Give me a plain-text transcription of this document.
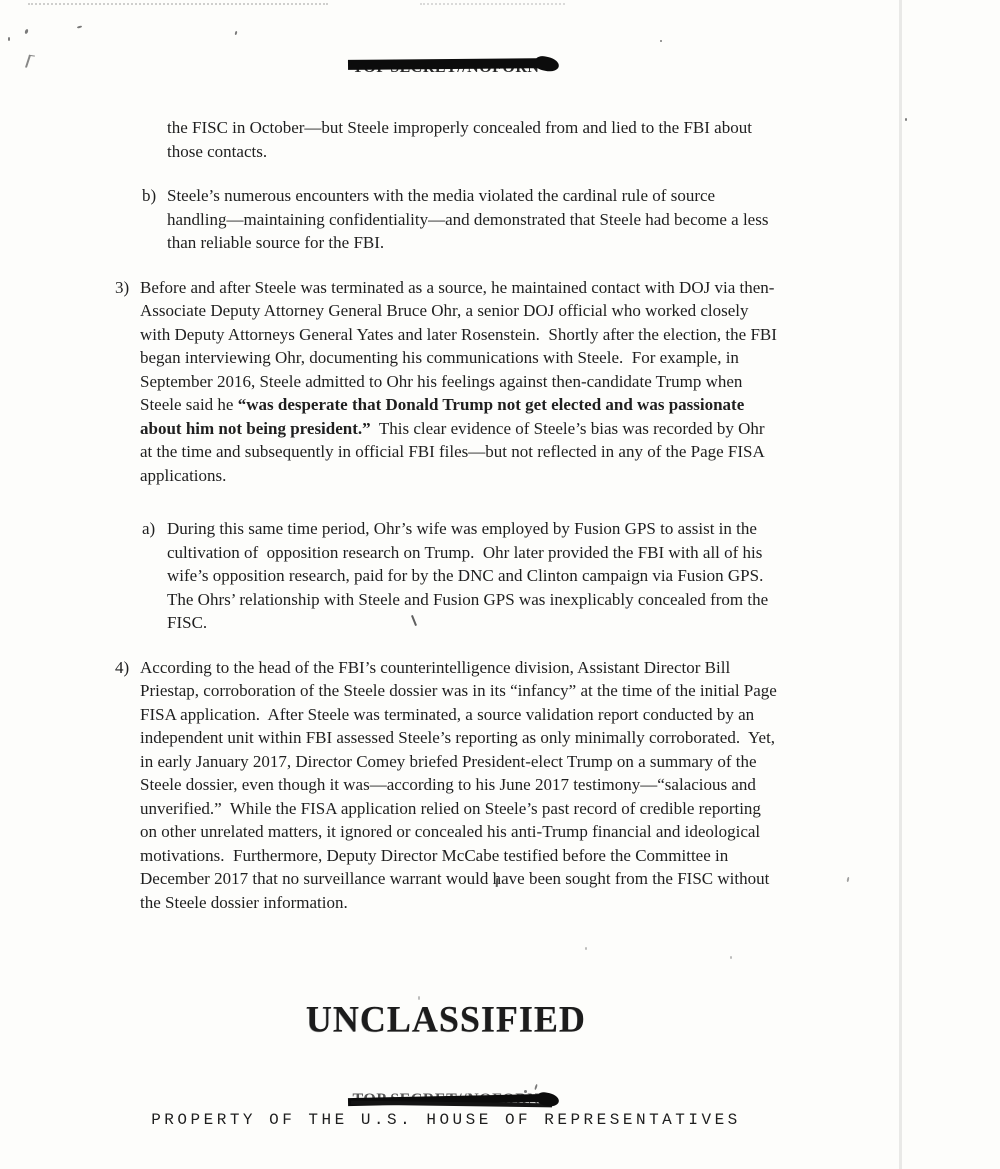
the FISC in October—but Steele improperly concealed from and lied to the FBI about those contacts.
b) Steele’s numerous encounters with the media violated the cardinal rule of source handling—maintaining confidentiality—and demonstrated that Steele had become a less than reliable source for the FBI.
3) Before and after Steele was terminated as a source, he maintained contact with DOJ via then-Associate Deputy Attorney General Bruce Ohr, a senior DOJ official who worked closely with Deputy Attorneys General Yates and later Rosenstein.  Shortly after the election, the FBI began interviewing Ohr, documenting his communications with Steele.  For example, in September 2016, Steele admitted to Ohr his feelings against then-candidate Trump when Steele said he “was desperate that Donald Trump not get elected and was passionate about him not being president.”  This clear evidence of Steele’s bias was recorded by Ohr at the time and subsequently in official FBI files—but not reflected in any of the Page FISA applications.
a) During this same time period, Ohr’s wife was employed by Fusion GPS to assist in the cultivation of  opposition research on Trump.  Ohr later provided the FBI with all of his wife’s opposition research, paid for by the DNC and Clinton campaign via Fusion GPS.  The Ohrs’ relationship with Steele and Fusion GPS was inexplicably concealed from the FISC.
4) According to the head of the FBI’s counterintelligence division, Assistant Director Bill Priestap, corroboration of the Steele dossier was in its “infancy” at the time of the initial Page FISA application.  After Steele was terminated, a source validation report conducted by an independent unit within FBI assessed Steele’s reporting as only minimally corroborated.  Yet, in early January 2017, Director Comey briefed President-elect Trump on a summary of the Steele dossier, even though it was—according to his June 2017 testimony—“salacious and unverified.”  While the FISA application relied on Steele’s past record of credible reporting on other unrelated matters, it ignored or concealed his anti-Trump financial and ideological motivations.  Furthermore, Deputy Director McCabe testified before the Committee in December 2017 that no surveillance warrant would have been sought from the FISC without the Steele dossier information.
UNCLASSIFIED
PROPERTY OF THE U.S. HOUSE OF REPRESENTATIVES
